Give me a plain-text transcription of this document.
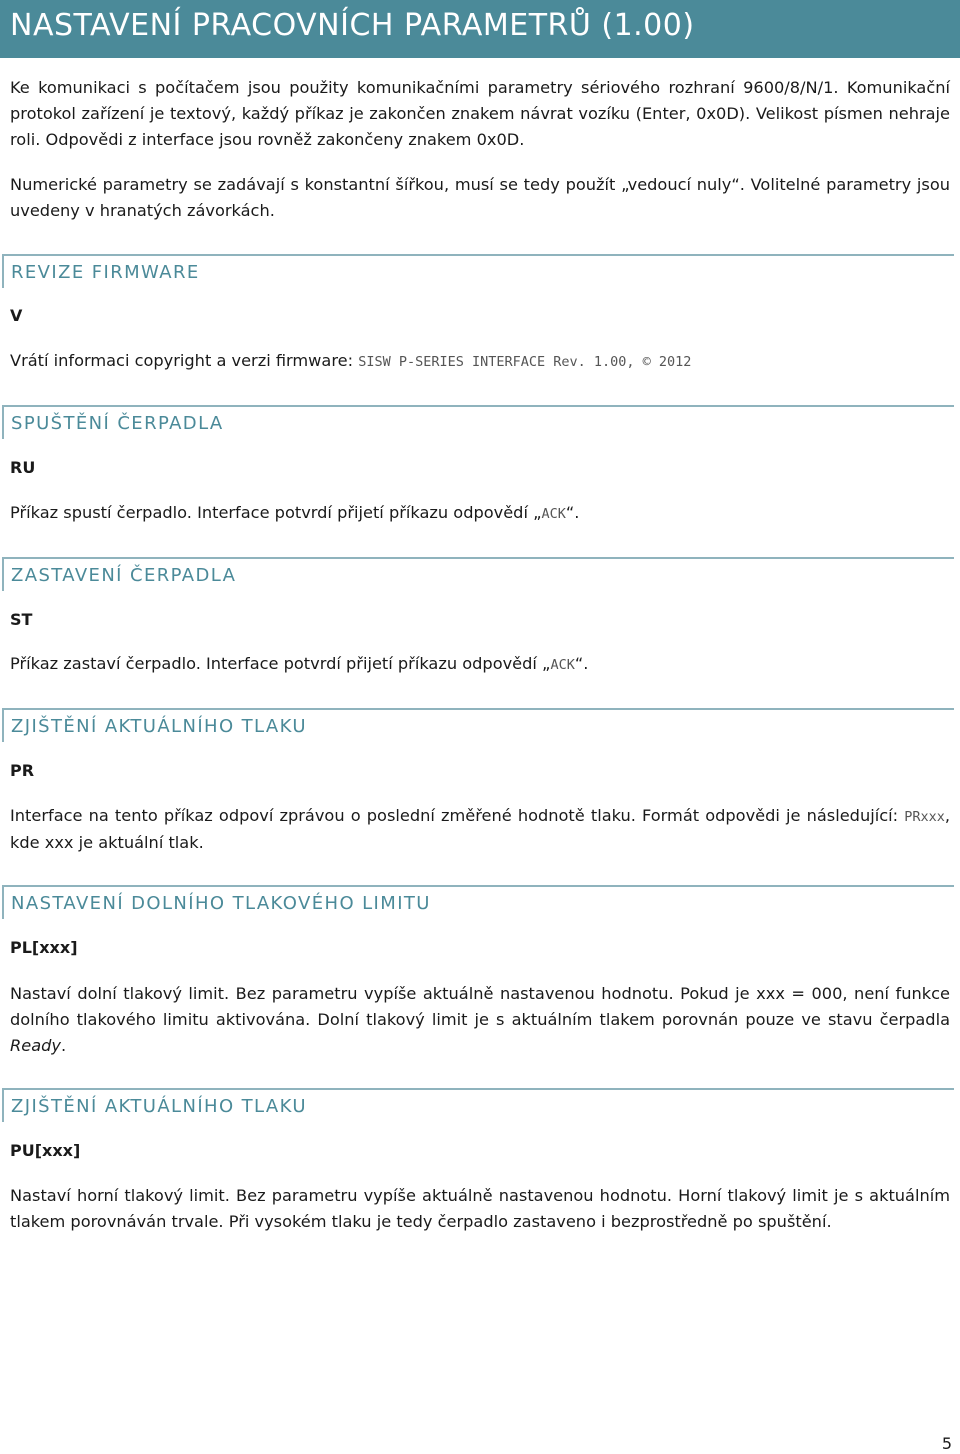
NASTAVENÍ PRACOVNÍCH PARAMETRŮ (1.00)

Ke komunikaci s počítačem jsou použity komunikačními parametry sériového rozhraní 9600/8/N/1. Komunikační protokol zařízení je textový, každý příkaz je zakončen znakem návrat vozíku (Enter, 0x0D). Velikost písmen nehraje roli. Odpovědi z interface jsou rovněž zakončeny znakem 0x0D.

Numerické parametry se zadávají s konstantní šířkou, musí se tedy použít „vedoucí nuly“. Volitelné parametry jsou uvedeny v hranatých závorkách.

REVIZE FIRMWARE
V

Vrátí informaci copyright a verzi firmware: SISW P-SERIES INTERFACE Rev. 1.00, © 2012

SPUŠTĚNÍ ČERPADLA
RU

Příkaz spustí čerpadlo. Interface potvrdí přijetí příkazu odpovědí „ACK“.

ZASTAVENÍ ČERPADLA
ST

Příkaz zastaví čerpadlo. Interface potvrdí přijetí příkazu odpovědí „ACK“.

ZJIŠTĚNÍ AKTUÁLNÍHO TLAKU
PR

Interface na tento příkaz odpoví zprávou o poslední změřené hodnotě tlaku. Formát odpovědi je následující: PRxxx, kde xxx je aktuální tlak.

NASTAVENÍ DOLNÍHO TLAKOVÉHO LIMITU
PL[xxx]

Nastaví dolní tlakový limit. Bez parametru vypíše aktuálně nastavenou hodnotu. Pokud je xxx = 000, není funkce dolního tlakového limitu aktivována. Dolní tlakový limit je s aktuálním tlakem porovnán pouze ve stavu čerpadla Ready.

ZJIŠTĚNÍ AKTUÁLNÍHO TLAKU
PU[xxx]

Nastaví horní tlakový limit. Bez parametru vypíše aktuálně nastavenou hodnotu. Horní tlakový limit je s aktuálním tlakem porovnáván trvale. Při vysokém tlaku je tedy čerpadlo zastaveno i bezprostředně po spuštění.

5
